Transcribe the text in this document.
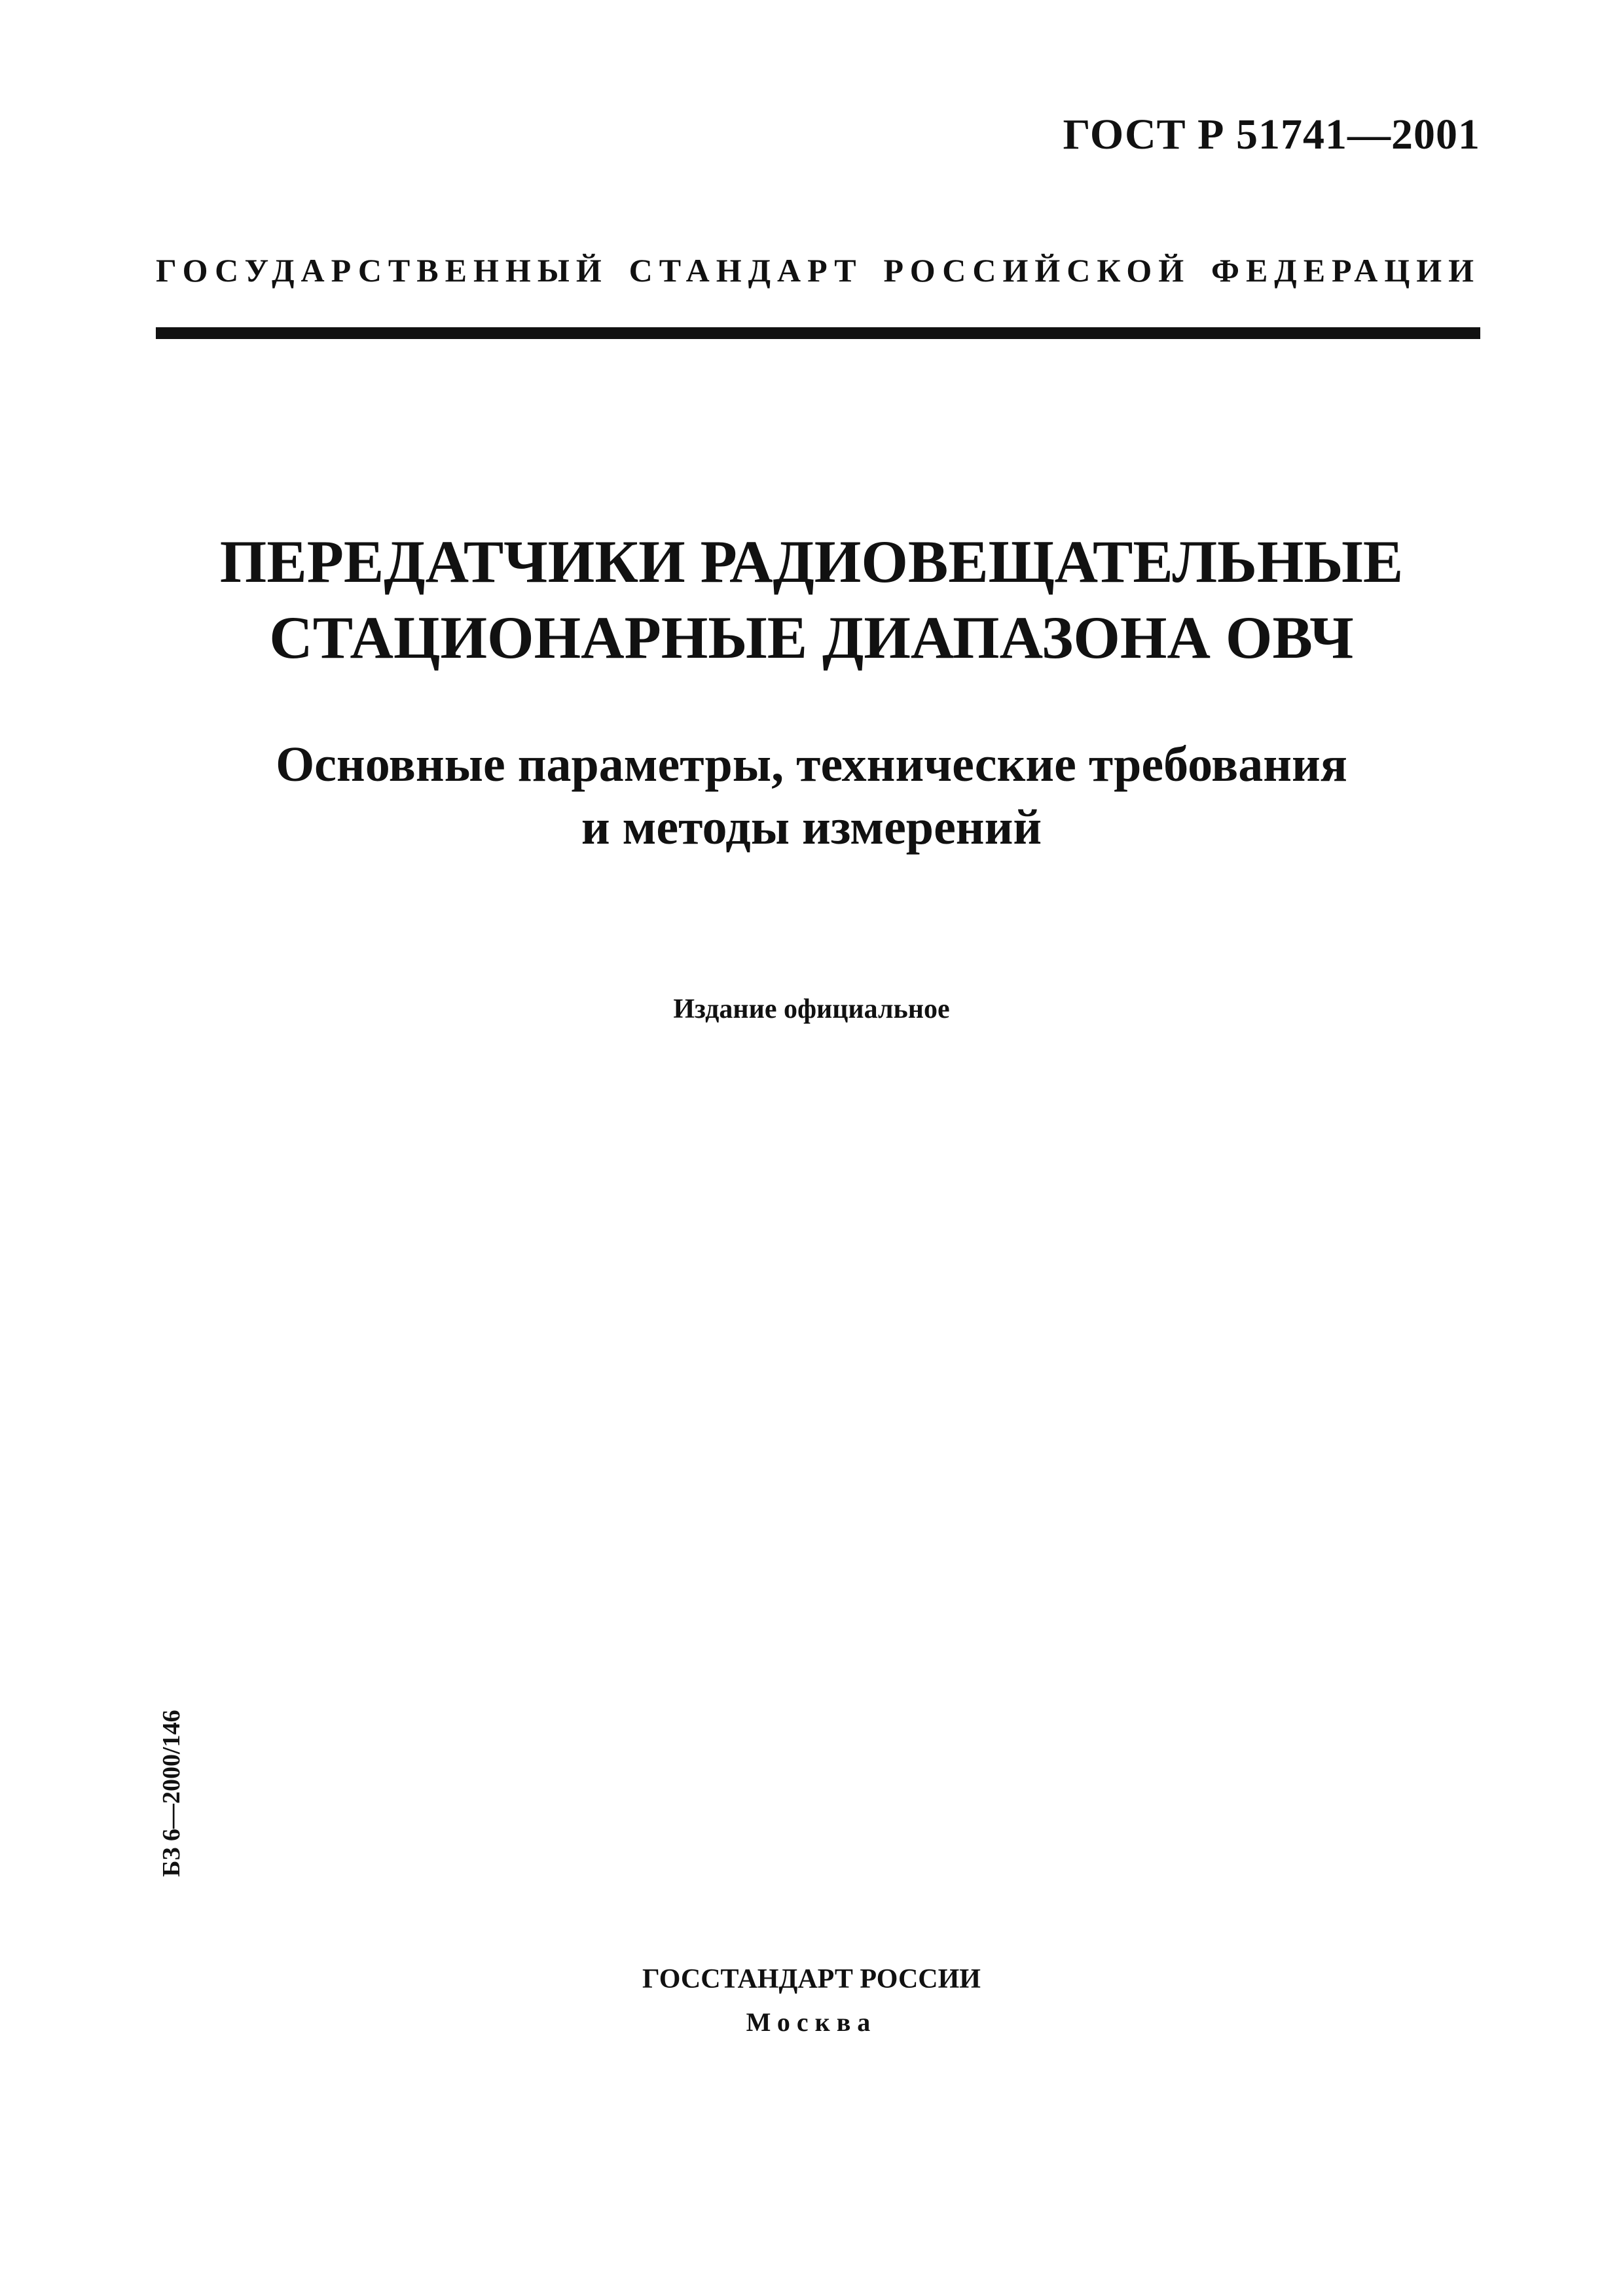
ГОСТ Р 51741—2001
ГОСУДАРСТВЕННЫЙ СТАНДАРТ РОССИЙСКОЙ ФЕДЕРАЦИИ
ПЕРЕДАТЧИКИ РАДИОВЕЩАТЕЛЬНЫЕ
СТАЦИОНАРНЫЕ ДИАПАЗОНА ОВЧ
Основные параметры, технические требования
и методы измерений
Издание официальное
БЗ 6—2000/146
ГОССТАНДАРТ РОССИИ
Москва
